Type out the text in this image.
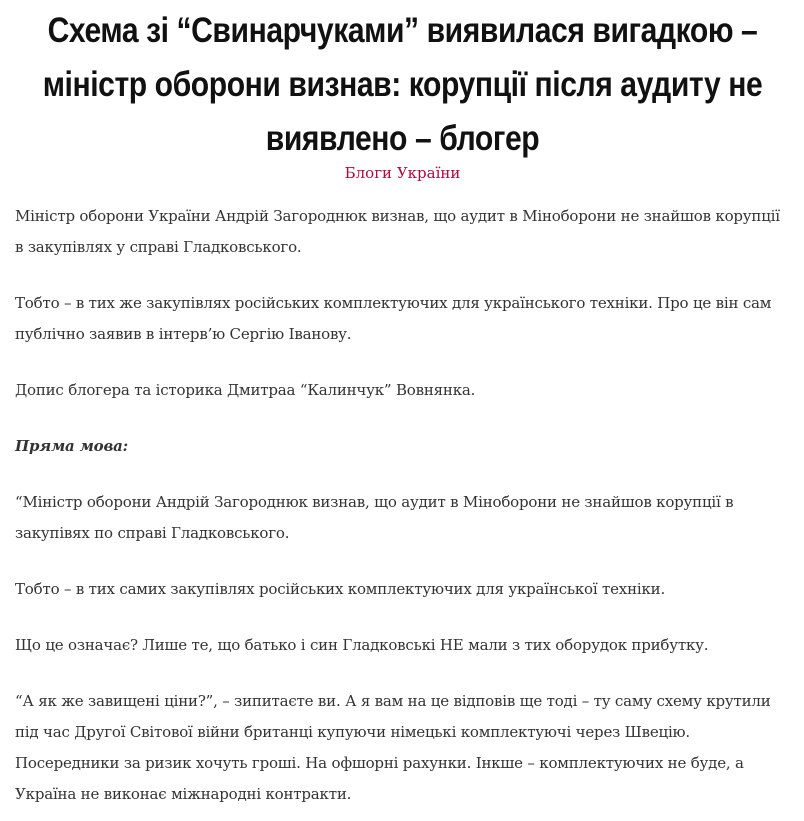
Схема зі “Свинарчуками” виявилася вигадкою – міністр оборони визнав: корупції після аудиту не виявлено – блогер
Блоги України

Міністр оборони України Андрій Загороднюк визнав, що аудит в Міноборони не знайшов корупції в закупівлях у справі Гладковського.

Тобто – в тих же закупівлях російських комплектуючих для українського техніки. Про це він сам публічно заявив в інтерв’ю Сергію Іванову.

Допис блогера та історика Дмитраа “Калинчук” Вовнянка.

Пряма мова:

“Міністр оборони Андрій Загороднюк визнав, що аудит в Міноборони не знайшов корупції в закупівях по справі Гладковського.

Тобто – в тих самих закупівлях російських комплектуючих для української техніки.

Що це означає? Лише те, що батько і син Гладковські НЕ мали з тих оборудок прибутку.

“А як же завищені ціни?”, – зипитаєте ви. А я вам на це відповів ще тоді – ту саму схему крутили під час Другої Світової війни британці купуючи німецькі комплектуючі через Швецію. Посередники за ризик хочуть гроші. На офшорні рахунки. Інкше – комплектуючих не буде, а Україна не виконає міжнародні контракти.
